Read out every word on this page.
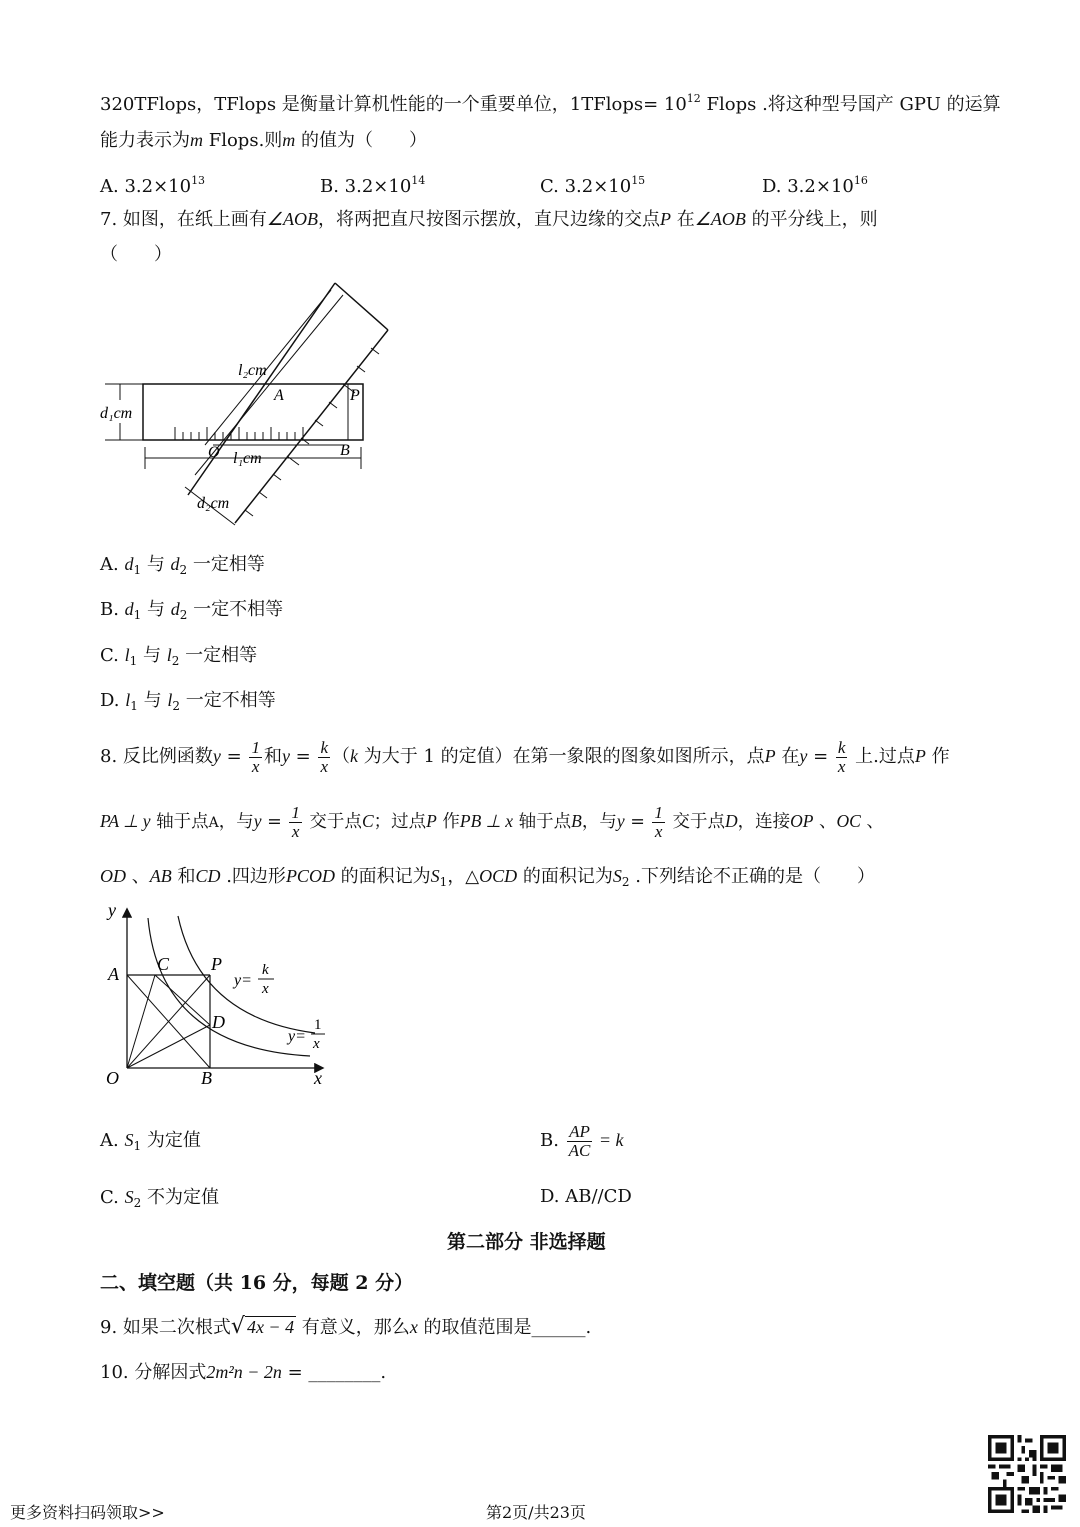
320TFlops，TFlops 是衡量计算机性能的一个重要单位，1TFlops= $10^{12}$ Flops .将这种型号国产 GPU 的运算
能力表示为m Flops.则m 的值为（　　）
A. $3.2\times 10^{13}$	B. $3.2\times 10^{14}$	C. $3.2\times 10^{15}$	D. $3.2\times 10^{16}$
7. 如图，在纸上画有∠AOB，将两把直尺按图示摆放，直尺边缘的交点P 在∠AOB 的平分线上，则
（　　）
l₂cm
A	P
d₁cm
O l₁cm	B
d₂cm
A. $d_1$ 与 $d_2$ 一定相等
B. $d_1$ 与 $d_2$ 一定不相等
C. $l_1$ 与 $l_2$ 一定相等
D. $l_1$ 与 $l_2$ 一定不相等
8. 反比例函数$y = \frac{1}{x}$ 和$y = \frac{k}{x} (k$ 为大于 1 的定值）在第一象限的图象如图所示，点P 在$y = \frac{k}{x}$ 上.过点P 作
PA ⊥ y 轴于点A，与$y = \frac{1}{x}$ 交于点C；过点P 作PB ⊥ x 轴于点B，与$y = \frac{1}{x}$ 交于点D，连接OP 、OC 、
OD 、AB 和CD .四边形PCOD 的面积记为$S_1$，△OCD 的面积记为$S_2$ .下列结论不正确的是（　　）
y
x
A C P
D
O	B
y=
k
x
y=
1
x
A. $S_1$ 为定值	B. $\frac{AP}{AC} = k$
C. $S_2$ 不为定值	D. AB//CD
第二部分 非选择题
二、填空题（共 16 分，每题 2 分）
9. 如果二次根式√ 4x − 4 有意义，那么x 的取值范围是______.
10. 分解因式2m²n − 2n = ________.
更多资料扫码领取>>	第2页/共23页
